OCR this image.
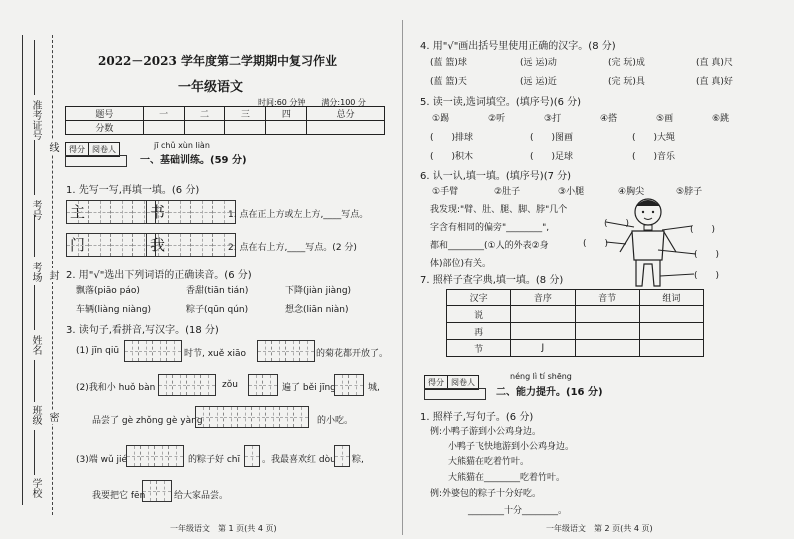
准考证号
考号
考场
姓名
班级
学校
线
封
密
2022－2023 学年度第二学期期中复习作业
一年级语文
时间:60 分钟　　满分:100 分
题号	一	二	三	四	总分
分数					
得分 阅卷人	jī chǔ xùn liàn
一、基础训练。(59 分)
1. 先写一写,再填一填。(6 分)
主	书	1. 点在正上方或左上方,____写点。
门	我	2. 点在右上方,____写点。(2 分)
2. 用"√"选出下列词语的正确读音。(6 分)
飘落(piāo páo)	香甜(tiān tián)	下降(jiàn jiàng)
车辆(liàng niàng)	粽子(qūn qún)	想念(liān niàn)
3. 读句子,看拼音,写汉字。(18 分)
(1) jīn qiū	时节, xuě xiāo	的菊花都开放了。
(2)我和小 huǒ bàn	zǒu	遍了 běi jīng	城,
品尝了 gè zhǒng gè yàng	的小吃。
(3)端 wǔ jié	的粽子好 chī 。我最喜欢红 dòu 粽,
我要把它 fēn	给大家品尝。
一年级语文　第 1 页(共 4 页)
4. 用"√"画出括号里使用正确的汉字。(8 分)
(蓝 篮)球	(远 运)动	(完 玩)成	(直 真)尺
(蓝 篮)天	(远 运)近	(完 玩)具	(直 真)好
5. 读一读,选词填空。(填序号)(6 分)
①踢	②听	③打	④搭	⑤画	⑥跳
(　　)排球	(　　)图画	(　　)大绳
(　　)积木	(　　)足球	(　　)音乐
6. 认一认,填一填。(填序号)(7 分)
①手臂	②肚子	③小腿	④胸尖	⑤脖子
我发现:"臂、肚、腿、脚、脖"几个
字含有相同的偏旁"________",
都和________(①人的外表②身
体)部位)有关。
(　　)
(　　)
(　　)
(　　)
(　　)
7. 照样子查字典,填一填。(8 分)
汉字	音序	音节	组词
说			
再			
节	J		
得分 阅卷人
néng lì tí shēng
二、能力提升。(16 分)
1. 照样子,写句子。(6 分)
例:小鸭子游到小公鸡身边。
小鸭子飞快地游到小公鸡身边。
大熊猫在吃着竹叶。
大熊猫在________吃着竹叶。
例:外婆包的粽子十分好吃。
________十分________。
一年级语文　第 2 页(共 4 页)
